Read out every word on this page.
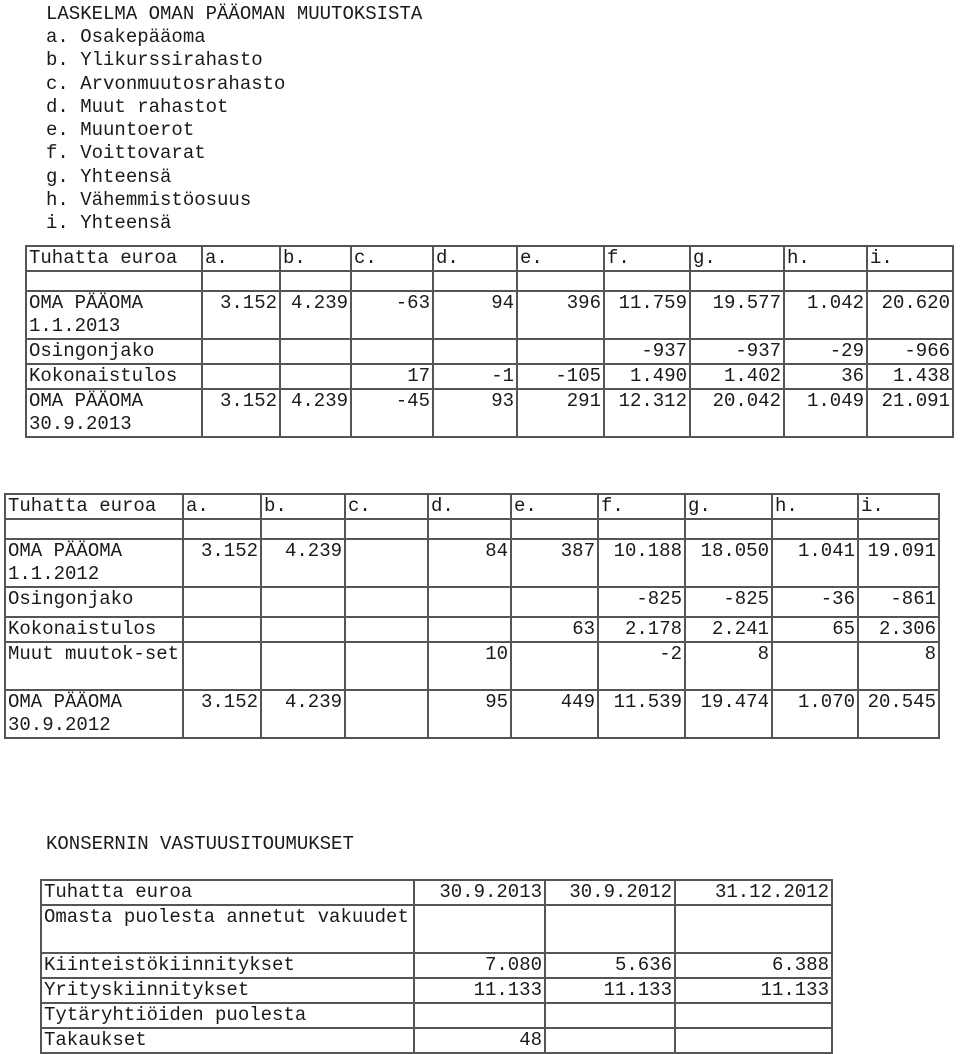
LASKELMA OMAN PÄÄOMAN MUUTOKSISTA
a. Osakepääoma
b. Ylikurssirahasto
c. Arvonmuutosrahasto
d. Muut rahastot
e. Muuntoerot
f. Voittovarat
g. Yhteensä
h. Vähemmistöosuus
i. Yhteensä
Tuhatta euroa	a.	b.	c.	d.	e.	f.	g.	h.	i.

OMA PÄÄOMA 1.1.2013	3.152	4.239	-63	94	396	11.759	19.577	1.042	20.620
Osingonjako						-937	-937	-29	-966
Kokonaistulos			17	-1	-105	1.490	1.402	36	1.438
OMA PÄÄOMA 30.9.2013	3.152	4.239	-45	93	291	12.312	20.042	1.049	21.091
Tuhatta euroa	a.	b.	c.	d.	e.	f.	g.	h.	i.

OMA PÄÄOMA 1.1.2012	3.152	4.239		84	387	10.188	18.050	1.041	19.091
Osingonjako						-825	-825	-36	-861
Kokonaistulos					63	2.178	2.241	65	2.306
Muut muutok-set				10		-2	8		8
OMA PÄÄOMA 30.9.2012	3.152	4.239		95	449	11.539	19.474	1.070	20.545
KONSERNIN VASTUUSITOUMUKSET
Tuhatta euroa	30.9.2013	30.9.2012	31.12.2012
Omasta puolesta annetut vakuudet			
Kiinteistökiinnitykset	7.080	5.636	6.388
Yrityskiinnitykset	11.133	11.133	11.133
Tytäryhtiöiden puolesta			
Takaukset	48		
